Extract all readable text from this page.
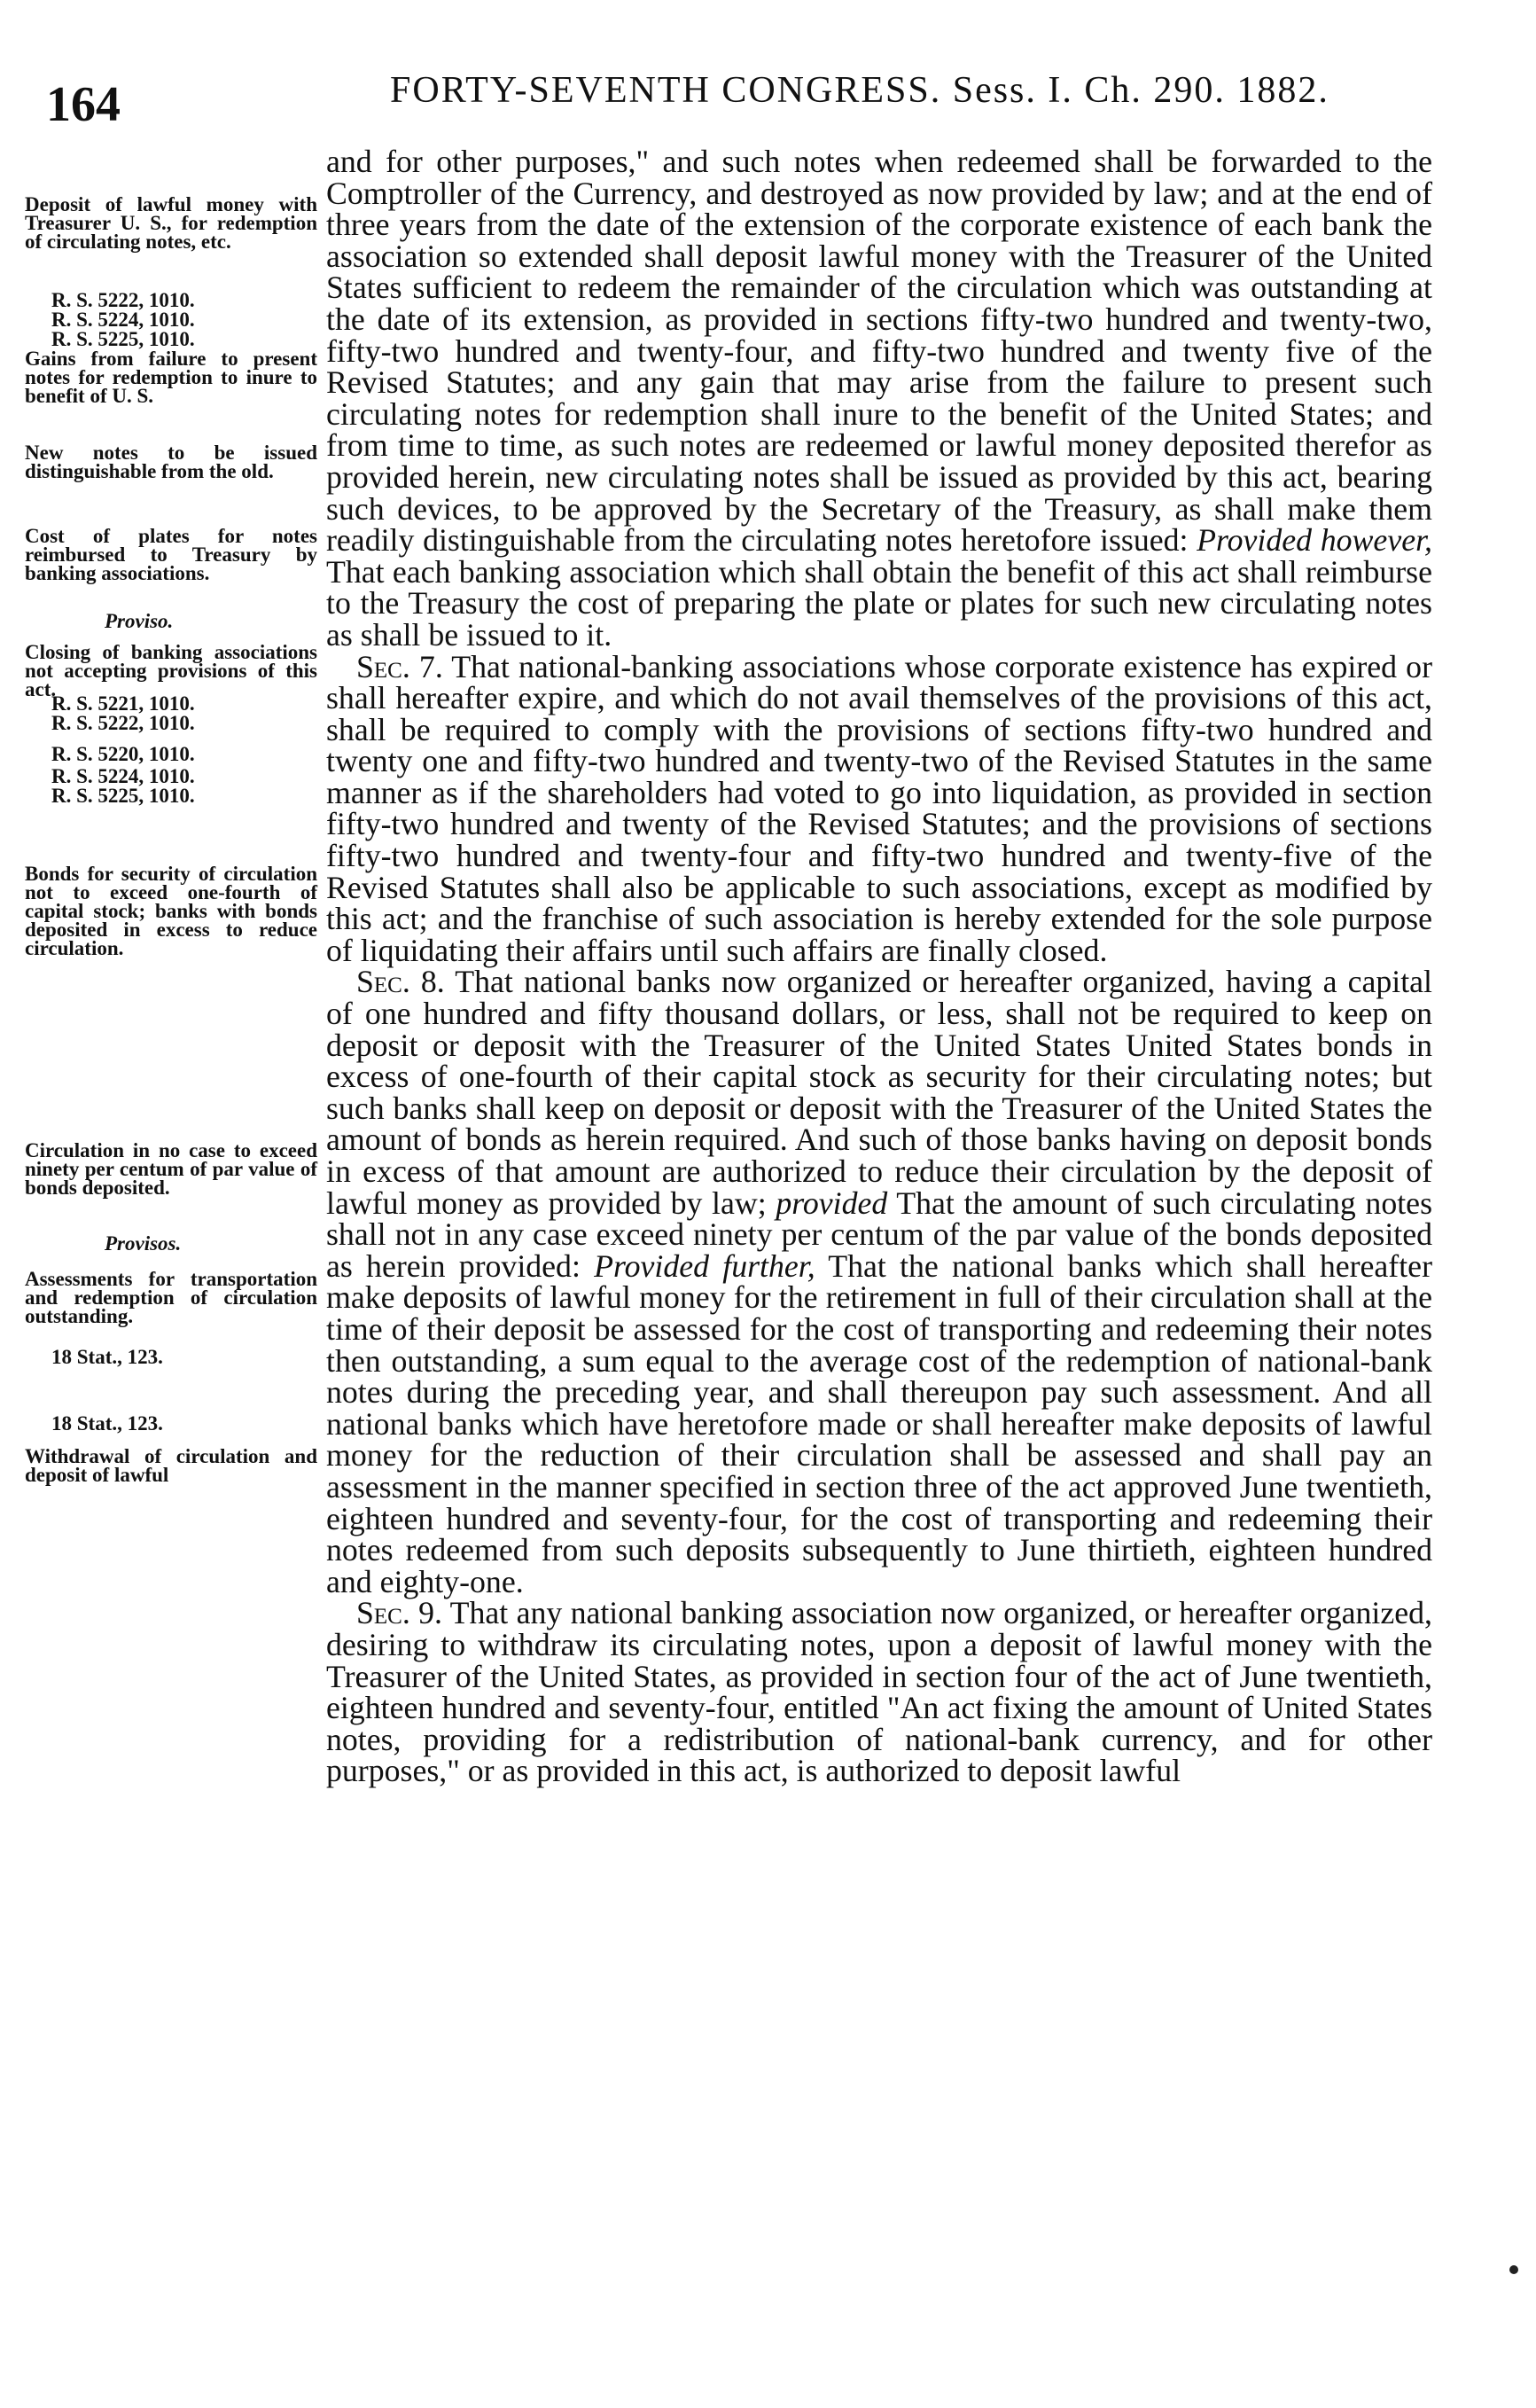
164	FORTY-SEVENTH CONGRESS. Sess. I. Ch. 290. 1882.
Deposit of lawful money with Treasurer U. S., for redemption of circulating notes, etc.
R. S. 5222, 1010.
R. S. 5224, 1010.
R. S. 5225, 1010.
Gains from failure to present notes for redemption to inure to benefit of U. S.
New notes to be issued distinguishable from the old.
Cost of plates for notes reimbursed to Treasury by banking associations.
Proviso.
Closing of banking associations not accepting provisions of this act.
R. S. 5221, 1010.
R. S. 5222, 1010.
R. S. 5220, 1010.
R. S. 5224, 1010.
R. S. 5225, 1010.
Bonds for security of circulation not to exceed one-fourth of capital stock; banks with bonds deposited in excess to reduce circulation.
Circulation in no case to exceed ninety per centum of par value of bonds deposited.
Provisos.
Assessments for transportation and redemption of circulation outstanding.
18 Stat., 123.
18 Stat., 123.
Withdrawal of circulation and deposit of lawful

and for other purposes," and such notes when redeemed shall be forwarded to the Comptroller of the Currency, and destroyed as now provided by law; and at the end of three years from the date of the extension of the corporate existence of each bank the association so extended shall deposit lawful money with the Treasurer of the United States sufficient to redeem the remainder of the circulation which was outstanding at the date of its extension, as provided in sections fifty-two hundred and twenty-two, fifty-two hundred and twenty-four, and fifty-two hundred and twenty five of the Revised Statutes; and any gain that may arise from the failure to present such circulating notes for redemption shall inure to the benefit of the United States; and from time to time, as such notes are redeemed or lawful money deposited therefor as provided herein, new circulating notes shall be issued as provided by this act, bearing such devices, to be approved by the Secretary of the Treasury, as shall make them readily distinguishable from the circulating notes heretofore issued: Provided however, That each banking association which shall obtain the benefit of this act shall reimburse to the Treasury the cost of preparing the plate or plates for such new circulating notes as shall be issued to it.

Sec. 7. That national-banking associations whose corporate existence has expired or shall hereafter expire, and which do not avail themselves of the provisions of this act, shall be required to comply with the provisions of sections fifty-two hundred and twenty one and fifty-two hundred and twenty-two of the Revised Statutes in the same manner as if the shareholders had voted to go into liquidation, as provided in section fifty-two hundred and twenty of the Revised Statutes; and the provisions of sections fifty-two hundred and twenty-four and fifty-two hundred and twenty-five of the Revised Statutes shall also be applicable to such associations, except as modified by this act; and the franchise of such association is hereby extended for the sole purpose of liquidating their affairs until such affairs are finally closed.

Sec. 8. That national banks now organized or hereafter organized, having a capital of one hundred and fifty thousand dollars, or less, shall not be required to keep on deposit or deposit with the Treasurer of the United States United States bonds in excess of one-fourth of their capital stock as security for their circulating notes; but such banks shall keep on deposit or deposit with the Treasurer of the United States the amount of bonds as herein required. And such of those banks having on deposit bonds in excess of that amount are authorized to reduce their circulation by the deposit of lawful money as provided by law; provided That the amount of such circulating notes shall not in any case exceed ninety per centum of the par value of the bonds deposited as herein provided: Provided further, That the national banks which shall hereafter make deposits of lawful money for the retirement in full of their circulation shall at the time of their deposit be assessed for the cost of transporting and redeeming their notes then outstanding, a sum equal to the average cost of the redemption of national-bank notes during the preceding year, and shall thereupon pay such assessment. And all national banks which have heretofore made or shall hereafter make deposits of lawful money for the reduction of their circulation shall be assessed and shall pay an assessment in the manner specified in section three of the act approved June twentieth, eighteen hundred and seventy-four, for the cost of transporting and redeeming their notes redeemed from such deposits subsequently to June thirtieth, eighteen hundred and eighty-one.

Sec. 9. That any national banking association now organized, or hereafter organized, desiring to withdraw its circulating notes, upon a deposit of lawful money with the Treasurer of the United States, as provided in section four of the act of June twentieth, eighteen hundred and seventy-four, entitled "An act fixing the amount of United States notes, providing for a redistribution of national-bank currency, and for other purposes," or as provided in this act, is authorized to deposit lawful
